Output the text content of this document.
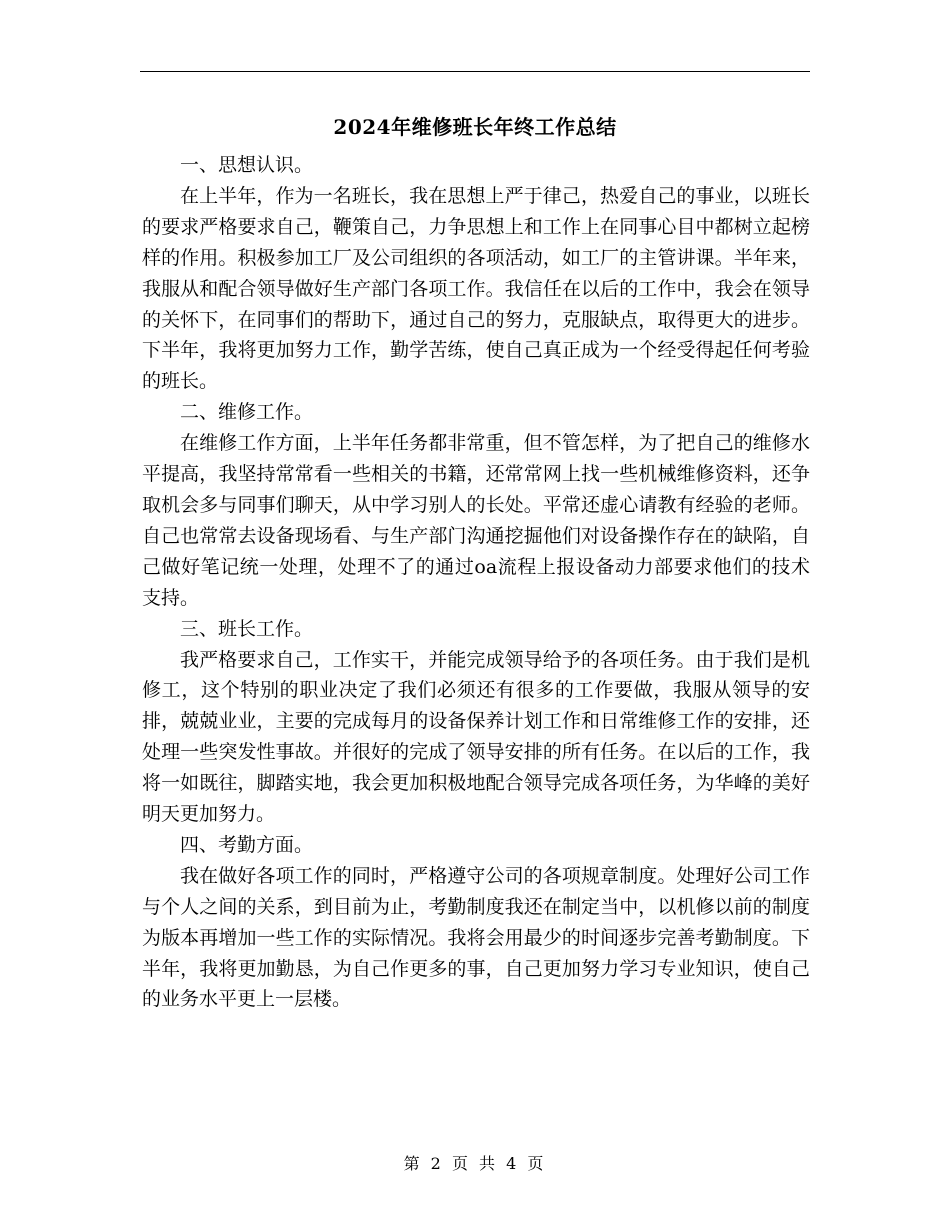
2024年维修班长年终工作总结

一、思想认识。

在上半年，作为一名班长，我在思想上严于律己，热爱自己的事业，以班长的要求严格要求自己，鞭策自己，力争思想上和工作上在同事心目中都树立起榜样的作用。积极参加工厂及公司组织的各项活动，如工厂的主管讲课。半年来，我服从和配合领导做好生产部门各项工作。我信任在以后的工作中，我会在领导的关怀下，在同事们的帮助下，通过自己的努力，克服缺点，取得更大的进步。下半年，我将更加努力工作，勤学苦练，使自己真正成为一个经受得起任何考验的班长。

二、维修工作。

在维修工作方面，上半年任务都非常重，但不管怎样，为了把自己的维修水平提高，我坚持常常看一些相关的书籍，还常常网上找一些机械维修资料，还争取机会多与同事们聊天，从中学习别人的长处。平常还虚心请教有经验的老师。自己也常常去设备现场看、与生产部门沟通挖掘他们对设备操作存在的缺陷，自己做好笔记统一处理，处理不了的通过oa流程上报设备动力部要求他们的技术支持。

三、班长工作。

我严格要求自己，工作实干，并能完成领导给予的各项任务。由于我们是机修工，这个特别的职业决定了我们必须还有很多的工作要做，我服从领导的安排，兢兢业业，主要的完成每月的设备保养计划工作和日常维修工作的安排，还处理一些突发性事故。并很好的完成了领导安排的所有任务。在以后的工作，我将一如既往，脚踏实地，我会更加积极地配合领导完成各项任务，为华峰的美好明天更加努力。

四、考勤方面。

我在做好各项工作的同时，严格遵守公司的各项规章制度。处理好公司工作与个人之间的关系，到目前为止，考勤制度我还在制定当中，以机修以前的制度为版本再增加一些工作的实际情况。我将会用最少的时间逐步完善考勤制度。下半年，我将更加勤恳，为自己作更多的事，自己更加努力学习专业知识，使自己的业务水平更上一层楼。

第 2 页 共 4 页
